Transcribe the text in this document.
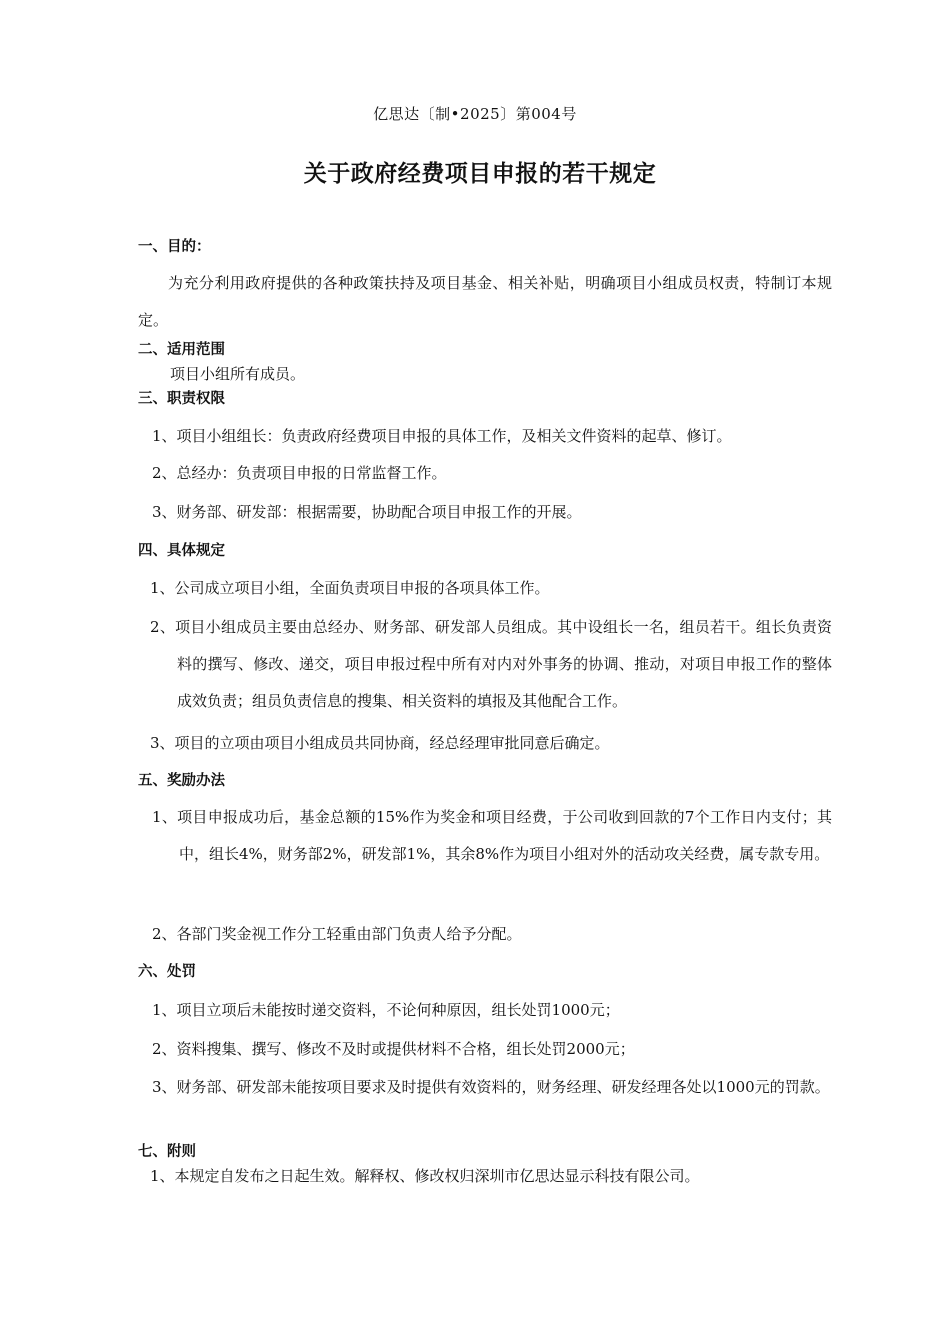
亿思达〔制•2025〕第004号
关于政府经费项目申报的若干规定
一、目的：
为充分利用政府提供的各种政策扶持及项目基金、相关补贴，明确项目小组成员权责，特制订本规定。
二、适用范围
项目小组所有成员。
三、职责权限
1、项目小组组长：负责政府经费项目申报的具体工作，及相关文件资料的起草、修订。
2、总经办：负责项目申报的日常监督工作。
3、财务部、研发部：根据需要，协助配合项目申报工作的开展。
四、具体规定
1、公司成立项目小组，全面负责项目申报的各项具体工作。
2、项目小组成员主要由总经办、财务部、研发部人员组成。其中设组长一名，组员若干。组长负责资料的撰写、修改、递交，项目申报过程中所有对内对外事务的协调、推动，对项目申报工作的整体成效负责；组员负责信息的搜集、相关资料的填报及其他配合工作。
3、项目的立项由项目小组成员共同协商，经总经理审批同意后确定。
五、奖励办法
1、项目申报成功后，基金总额的15%作为奖金和项目经费，于公司收到回款的7个工作日内支付；其中，组长4%，财务部2%，研发部1%，其余8%作为项目小组对外的活动攻关经费，属专款专用。
2、各部门奖金视工作分工轻重由部门负责人给予分配。
六、处罚
1、项目立项后未能按时递交资料，不论何种原因，组长处罚1000元；
2、资料搜集、撰写、修改不及时或提供材料不合格，组长处罚2000元；
3、财务部、研发部未能按项目要求及时提供有效资料的，财务经理、研发经理各处以1000元的罚款。
七、附则
1、本规定自发布之日起生效。解释权、修改权归深圳市亿思达显示科技有限公司。
